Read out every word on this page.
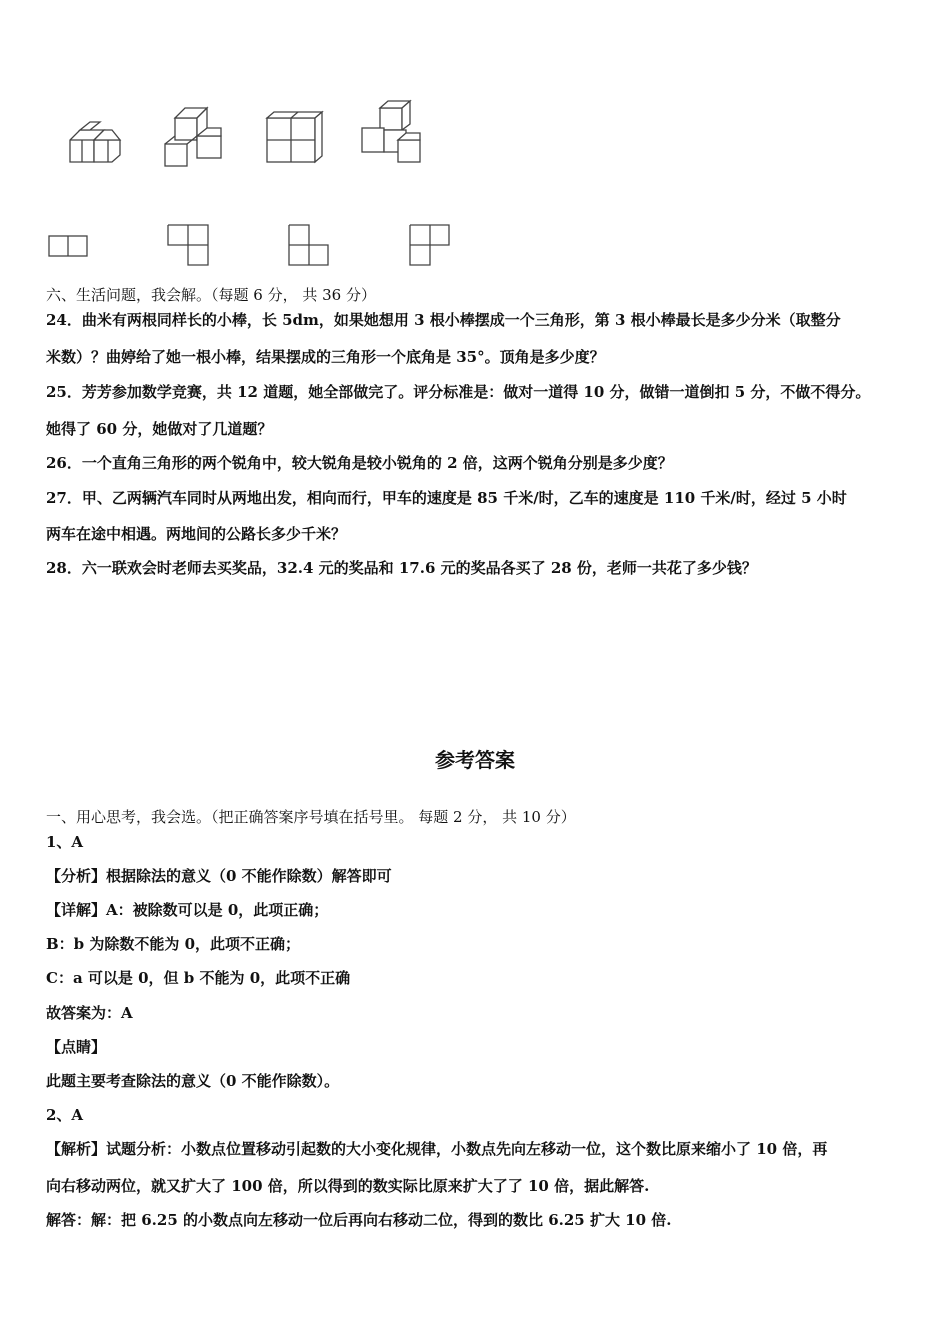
六、生活问题，我会解。（每题 6 分， 共 36 分）
24．曲米有两根同样长的小棒，长 5dm，如果她想用 3 根小棒摆成一个三角形，第 3 根小棒最长是多少分米（取整分
米数）？曲婷给了她一根小棒，结果摆成的三角形一个底角是 35°。顶角是多少度？
25．芳芳参加数学竞赛，共 12 道题，她全部做完了。评分标准是：做对一道得 10 分，做错一道倒扣 5 分，不做不得分。
她得了 60 分，她做对了几道题？
26．一个直角三角形的两个锐角中，较大锐角是较小锐角的 2 倍，这两个锐角分别是多少度？
27．甲、乙两辆汽车同时从两地出发，相向而行，甲车的速度是 85 千米/时，乙车的速度是 110 千米/时，经过 5 小时
两车在途中相遇。两地间的公路长多少千米？
28．六一联欢会时老师去买奖品，32.4 元的奖品和 17.6 元的奖品各买了 28 份，老师一共花了多少钱？
参考答案
一、用心思考，我会选。（把正确答案序号填在括号里。 每题 2 分， 共 10 分）
1、A
【分析】根据除法的意义（0 不能作除数）解答即可
【详解】A：被除数可以是 0，此项正确；
B：b 为除数不能为 0，此项不正确；
C：a 可以是 0，但 b 不能为 0，此项不正确
故答案为：A
【点睛】
此题主要考查除法的意义（0 不能作除数）。
2、A
【解析】试题分析：小数点位置移动引起数的大小变化规律，小数点先向左移动一位，这个数比原来缩小了 10 倍，再
向右移动两位，就又扩大了 100 倍，所以得到的数实际比原来扩大了了 10 倍，据此解答.
解答：解：把 6.25 的小数点向左移动一位后再向右移动二位，得到的数比 6.25 扩大 10 倍.
